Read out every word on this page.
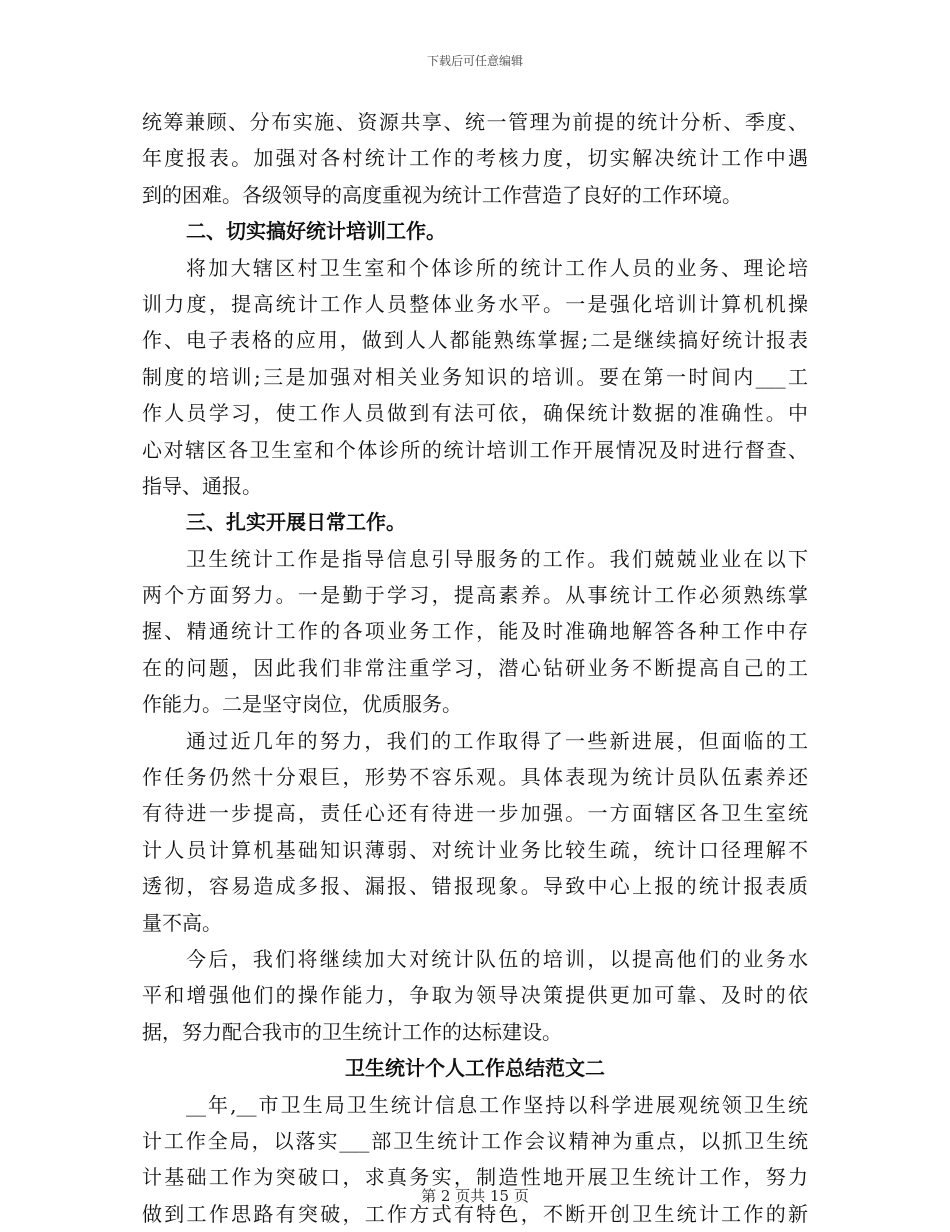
下载后可任意编辑
统筹兼顾、分布实施、资源共享、统一管理为前提的统计分析、季度、
年度报表。加强对各村统计工作的考核力度，切实解决统计工作中遇
到的困难。各级领导的高度重视为统计工作营造了良好的工作环境。
二、切实搞好统计培训工作。
将加大辖区村卫生室和个体诊所的统计工作人员的业务、理论培
训力度，提高统计工作人员整体业务水平。一是强化培训计算机机操
作、电子表格的应用，做到人人都能熟练掌握;二是继续搞好统计报表
制度的培训;三是加强对相关业务知识的培训。要在第一时间内___工
作人员学习，使工作人员做到有法可依，确保统计数据的准确性。中
心对辖区各卫生室和个体诊所的统计培训工作开展情况及时进行督查、
指导、通报。
三、扎实开展日常工作。
卫生统计工作是指导信息引导服务的工作。我们兢兢业业在以下
两个方面努力。一是勤于学习，提高素养。从事统计工作必须熟练掌
握、精通统计工作的各项业务工作，能及时准确地解答各种工作中存
在的问题，因此我们非常注重学习，潜心钻研业务不断提高自己的工
作能力。二是坚守岗位，优质服务。
通过近几年的努力，我们的工作取得了一些新进展，但面临的工
作任务仍然十分艰巨，形势不容乐观。具体表现为统计员队伍素养还
有待进一步提高，责任心还有待进一步加强。一方面辖区各卫生室统
计人员计算机基础知识薄弱、对统计业务比较生疏，统计口径理解不
透彻，容易造成多报、漏报、错报现象。导致中心上报的统计报表质
量不高。
今后，我们将继续加大对统计队伍的培训，以提高他们的业务水
平和增强他们的操作能力，争取为领导决策提供更加可靠、及时的依
据，努力配合我市的卫生统计工作的达标建设。
卫生统计个人工作总结范文二
__年,__市卫生局卫生统计信息工作坚持以科学进展观统领卫生统
计工作全局，以落实___部卫生统计工作会议精神为重点，以抓卫生统
计基础工作为突破口，求真务实，制造性地开展卫生统计工作，努力
做到工作思路有突破，工作方式有特色，不断开创卫生统计工作的新
第 2 页共 15 页
